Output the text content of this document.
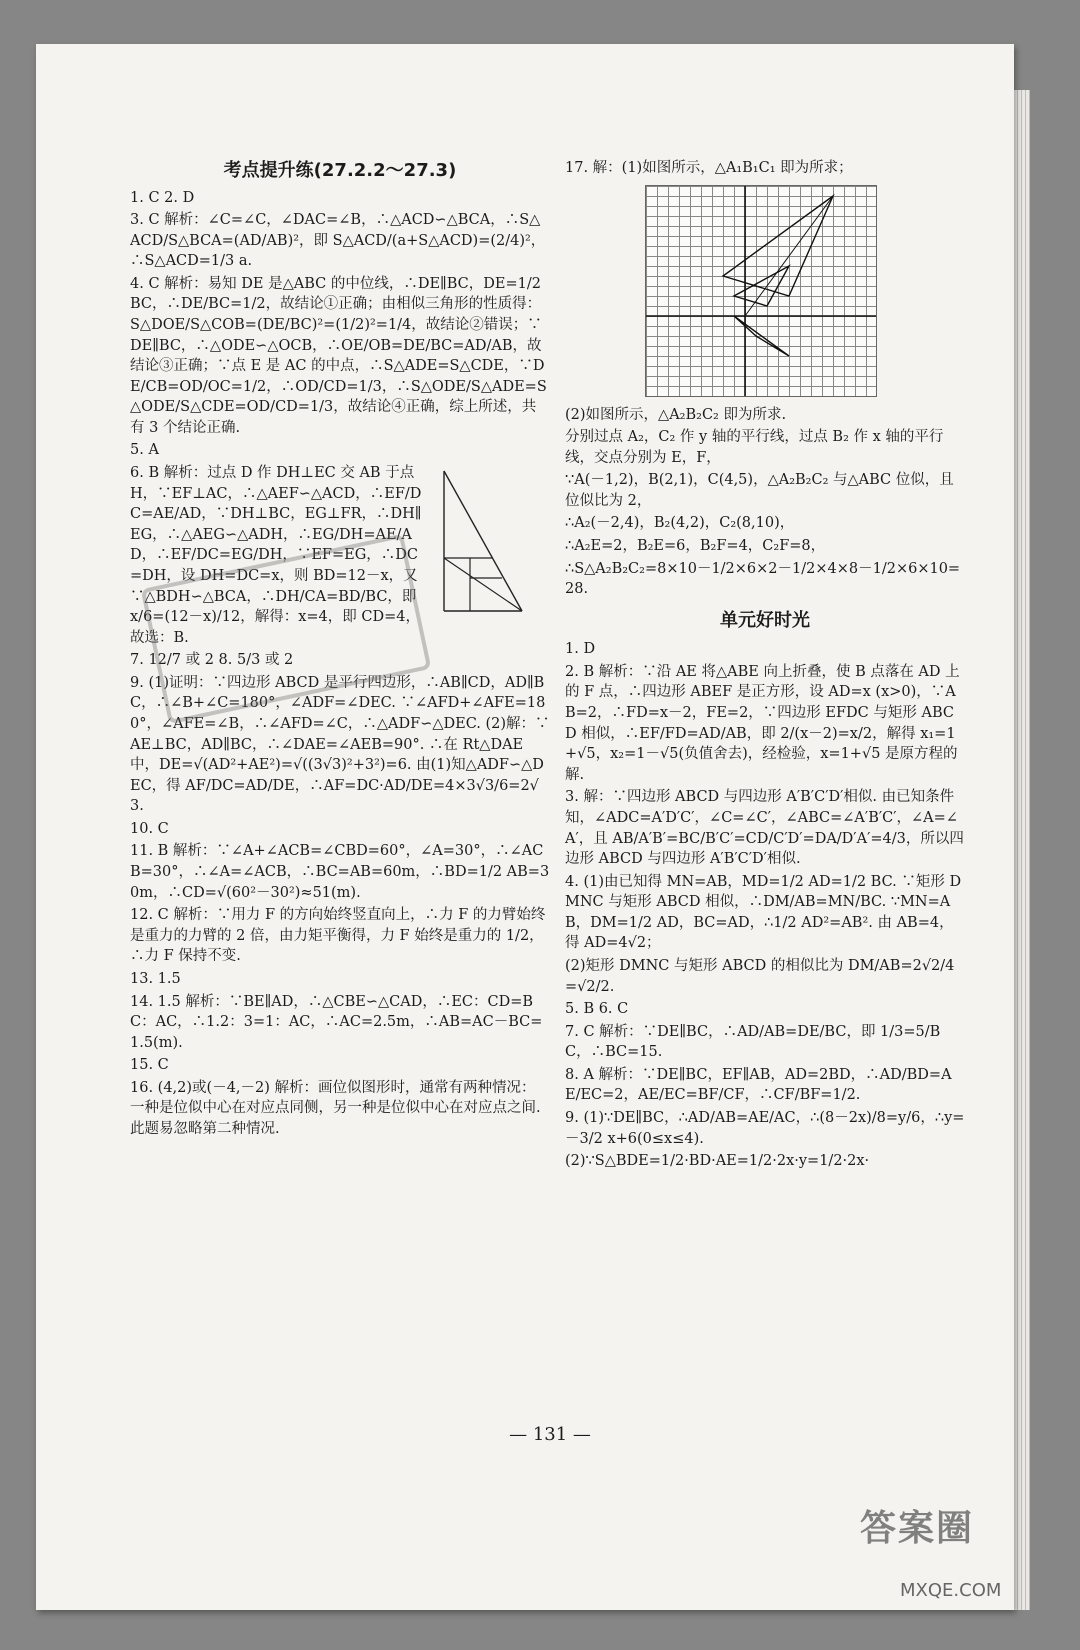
考点提升练(27.2.2～27.3)
1. C 2. D
3. C 解析：∠C=∠C，∠DAC=∠B，∴△ACD∽△BCA，∴S△ACD/S△BCA=(AD/AB)²，即 S△ACD/(a+S△ACD)=(2/4)²，∴S△ACD=1/3 a.
4. C 解析：易知 DE 是△ABC 的中位线，∴DE∥BC，DE=1/2 BC，∴DE/BC=1/2，故结论①正确；由相似三角形的性质得：S△DOE/S△COB=(DE/BC)²=(1/2)²=1/4，故结论②错误；∵DE∥BC，∴△ODE∽△OCB，∴OE/OB=DE/BC=AD/AB，故结论③正确；∵点 E 是 AC 的中点，∴S△ADE=S△CDE，∵DE/CB=OD/OC=1/2，∴OD/CD=1/3，∴S△ODE/S△ADE=S△ODE/S△CDE=OD/CD=1/3，故结论④正确，综上所述，共有 3 个结论正确.
5. A
6. B 解析：过点 D 作 DH⊥EC 交 AB 于点 H，∵EF⊥AC，∴△AEF∽△ACD，∴EF/DC=AE/AD，∵DH⊥BC，EG⊥FR，∴DH∥EG，∴△AEG∽△ADH，∴EG/DH=AE/AD，∴EF/DC=EG/DH，∵EF=EG，∴DC=DH，设 DH=DC=x，则 BD=12－x，又∵△BDH∽△BCA，∴DH/CA=BD/BC，即 x/6=(12－x)/12，解得：x=4，即 CD=4，故选：B.
7. 12/7 或 2 8. 5/3 或 2
9. (1)证明：∵四边形 ABCD 是平行四边形，∴AB∥CD，AD∥BC，∴∠B+∠C=180°，∠ADF=∠DEC. ∵∠AFD+∠AFE=180°，∠AFE=∠B，∴∠AFD=∠C，∴△ADF∽△DEC. (2)解：∵AE⊥BC，AD∥BC，∴∠DAE=∠AEB=90°. ∴在 Rt△DAE 中，DE=√(AD²+AE²)=√((3√3)²+3²)=6. 由(1)知△ADF∽△DEC，得 AF/DC=AD/DE，∴AF=DC·AD/DE=4×3√3/6=2√3.
10. C
11. B 解析：∵∠A+∠ACB=∠CBD=60°，∠A=30°，∴∠ACB=30°，∴∠A=∠ACB，∴BC=AB=60m，∴BD=1/2 AB=30m，∴CD=√(60²－30²)≈51(m).
12. C 解析：∵用力 F 的方向始终竖直向上，∴力 F 的力臂始终是重力的力臂的 2 倍，由力矩平衡得，力 F 始终是重力的 1/2，∴力 F 保持不变.
13. 1.5
14. 1.5 解析：∵BE∥AD，∴△CBE∽△CAD，∴EC：CD=BC：AC，∴1.2：3=1：AC，∴AC=2.5m，∴AB=AC－BC=1.5(m).
15. C
16. (4,2)或(－4,－2) 解析：画位似图形时，通常有两种情况：一种是位似中心在对应点同侧，另一种是位似中心在对应点之间. 此题易忽略第二种情况.
17. 解：(1)如图所示，△A₁B₁C₁ 即为所求；
(2)如图所示，△A₂B₂C₂ 即为所求.
分别过点 A₂，C₂ 作 y 轴的平行线，过点 B₂ 作 x 轴的平行线，交点分别为 E，F，
∵A(－1,2)，B(2,1)，C(4,5)，△A₂B₂C₂ 与△ABC 位似，且位似比为 2，
∴A₂(－2,4)，B₂(4,2)，C₂(8,10)，
∴A₂E=2，B₂E=6，B₂F=4，C₂F=8，
∴S△A₂B₂C₂=8×10－1/2×6×2－1/2×4×8－1/2×6×10=28.
单元好时光
1. D
2. B 解析：∵沿 AE 将△ABE 向上折叠，使 B 点落在 AD 上的 F 点，∴四边形 ABEF 是正方形，设 AD=x (x>0)，∵AB=2，∴FD=x－2，FE=2，∵四边形 EFDC 与矩形 ABCD 相似，∴EF/FD=AD/AB，即 2/(x－2)=x/2，解得 x₁=1+√5，x₂=1－√5(负值舍去)，经检验，x=1+√5 是原方程的解.
3. 解：∵四边形 ABCD 与四边形 A′B′C′D′相似. 由已知条件知，∠ADC=A′D′C′，∠C=∠C′，∠ABC=∠A′B′C′，∠A=∠A′，且 AB/A′B′=BC/B′C′=CD/C′D′=DA/D′A′=4/3，所以四边形 ABCD 与四边形 A′B′C′D′相似.
4. (1)由已知得 MN=AB，MD=1/2 AD=1/2 BC. ∵矩形 DMNC 与矩形 ABCD 相似，∴DM/AB=MN/BC. ∵MN=AB，DM=1/2 AD，BC=AD，∴1/2 AD²=AB². 由 AB=4，得 AD=4√2；
(2)矩形 DMNC 与矩形 ABCD 的相似比为 DM/AB=2√2/4=√2/2.
5. B 6. C
7. C 解析：∵DE∥BC，∴AD/AB=DE/BC，即 1/3=5/BC，∴BC=15.
8. A 解析：∵DE∥BC，EF∥AB，AD=2BD，∴AD/BD=AE/EC=2，AE/EC=BF/CF，∴CF/BF=1/2.
9. (1)∵DE∥BC，∴AD/AB=AE/AC，∴(8－2x)/8=y/6，∴y=－3/2 x+6(0≤x≤4).
(2)∵S△BDE=1/2·BD·AE=1/2·2x·y=1/2·2x·
— 131 —
答案圈
MXQE.COM
